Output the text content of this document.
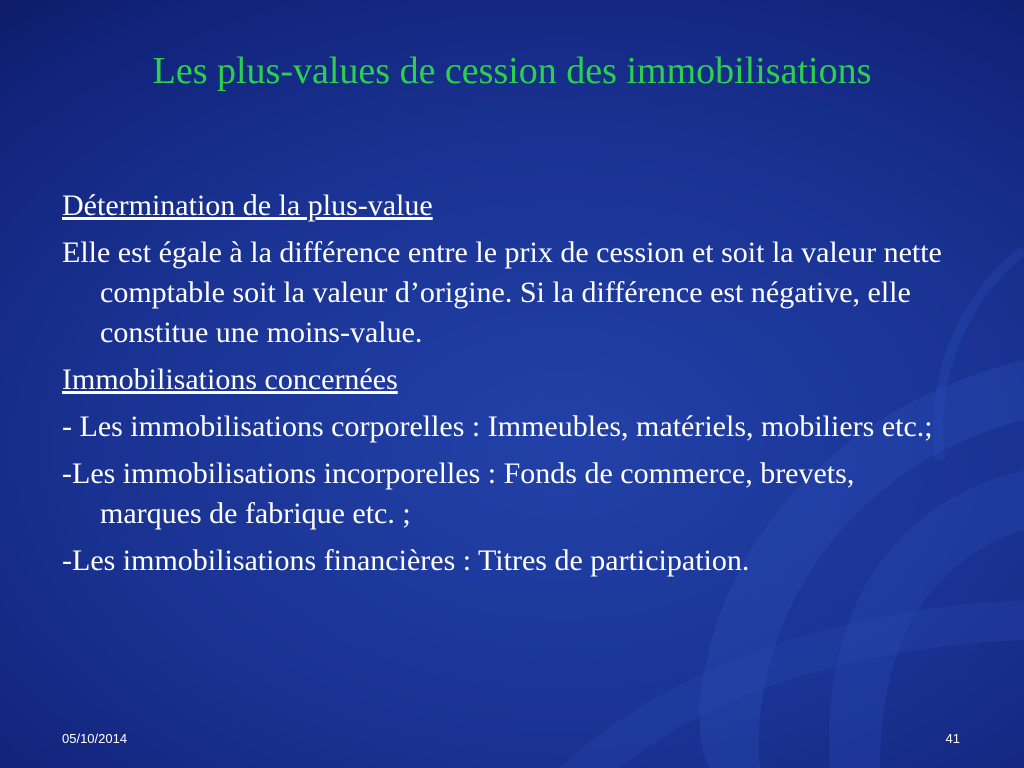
Les plus-values de cession des immobilisations

Détermination de la plus-value

Elle est égale à la différence entre le prix de cession et soit la valeur nette comptable soit la valeur d’origine. Si la différence est négative, elle constitue une moins-value.

Immobilisations concernées

- Les immobilisations corporelles : Immeubles, matériels, mobiliers etc.;

-Les immobilisations incorporelles : Fonds de commerce, brevets, marques de fabrique etc. ;

-Les immobilisations financières : Titres de participation.

05/10/2014	41
